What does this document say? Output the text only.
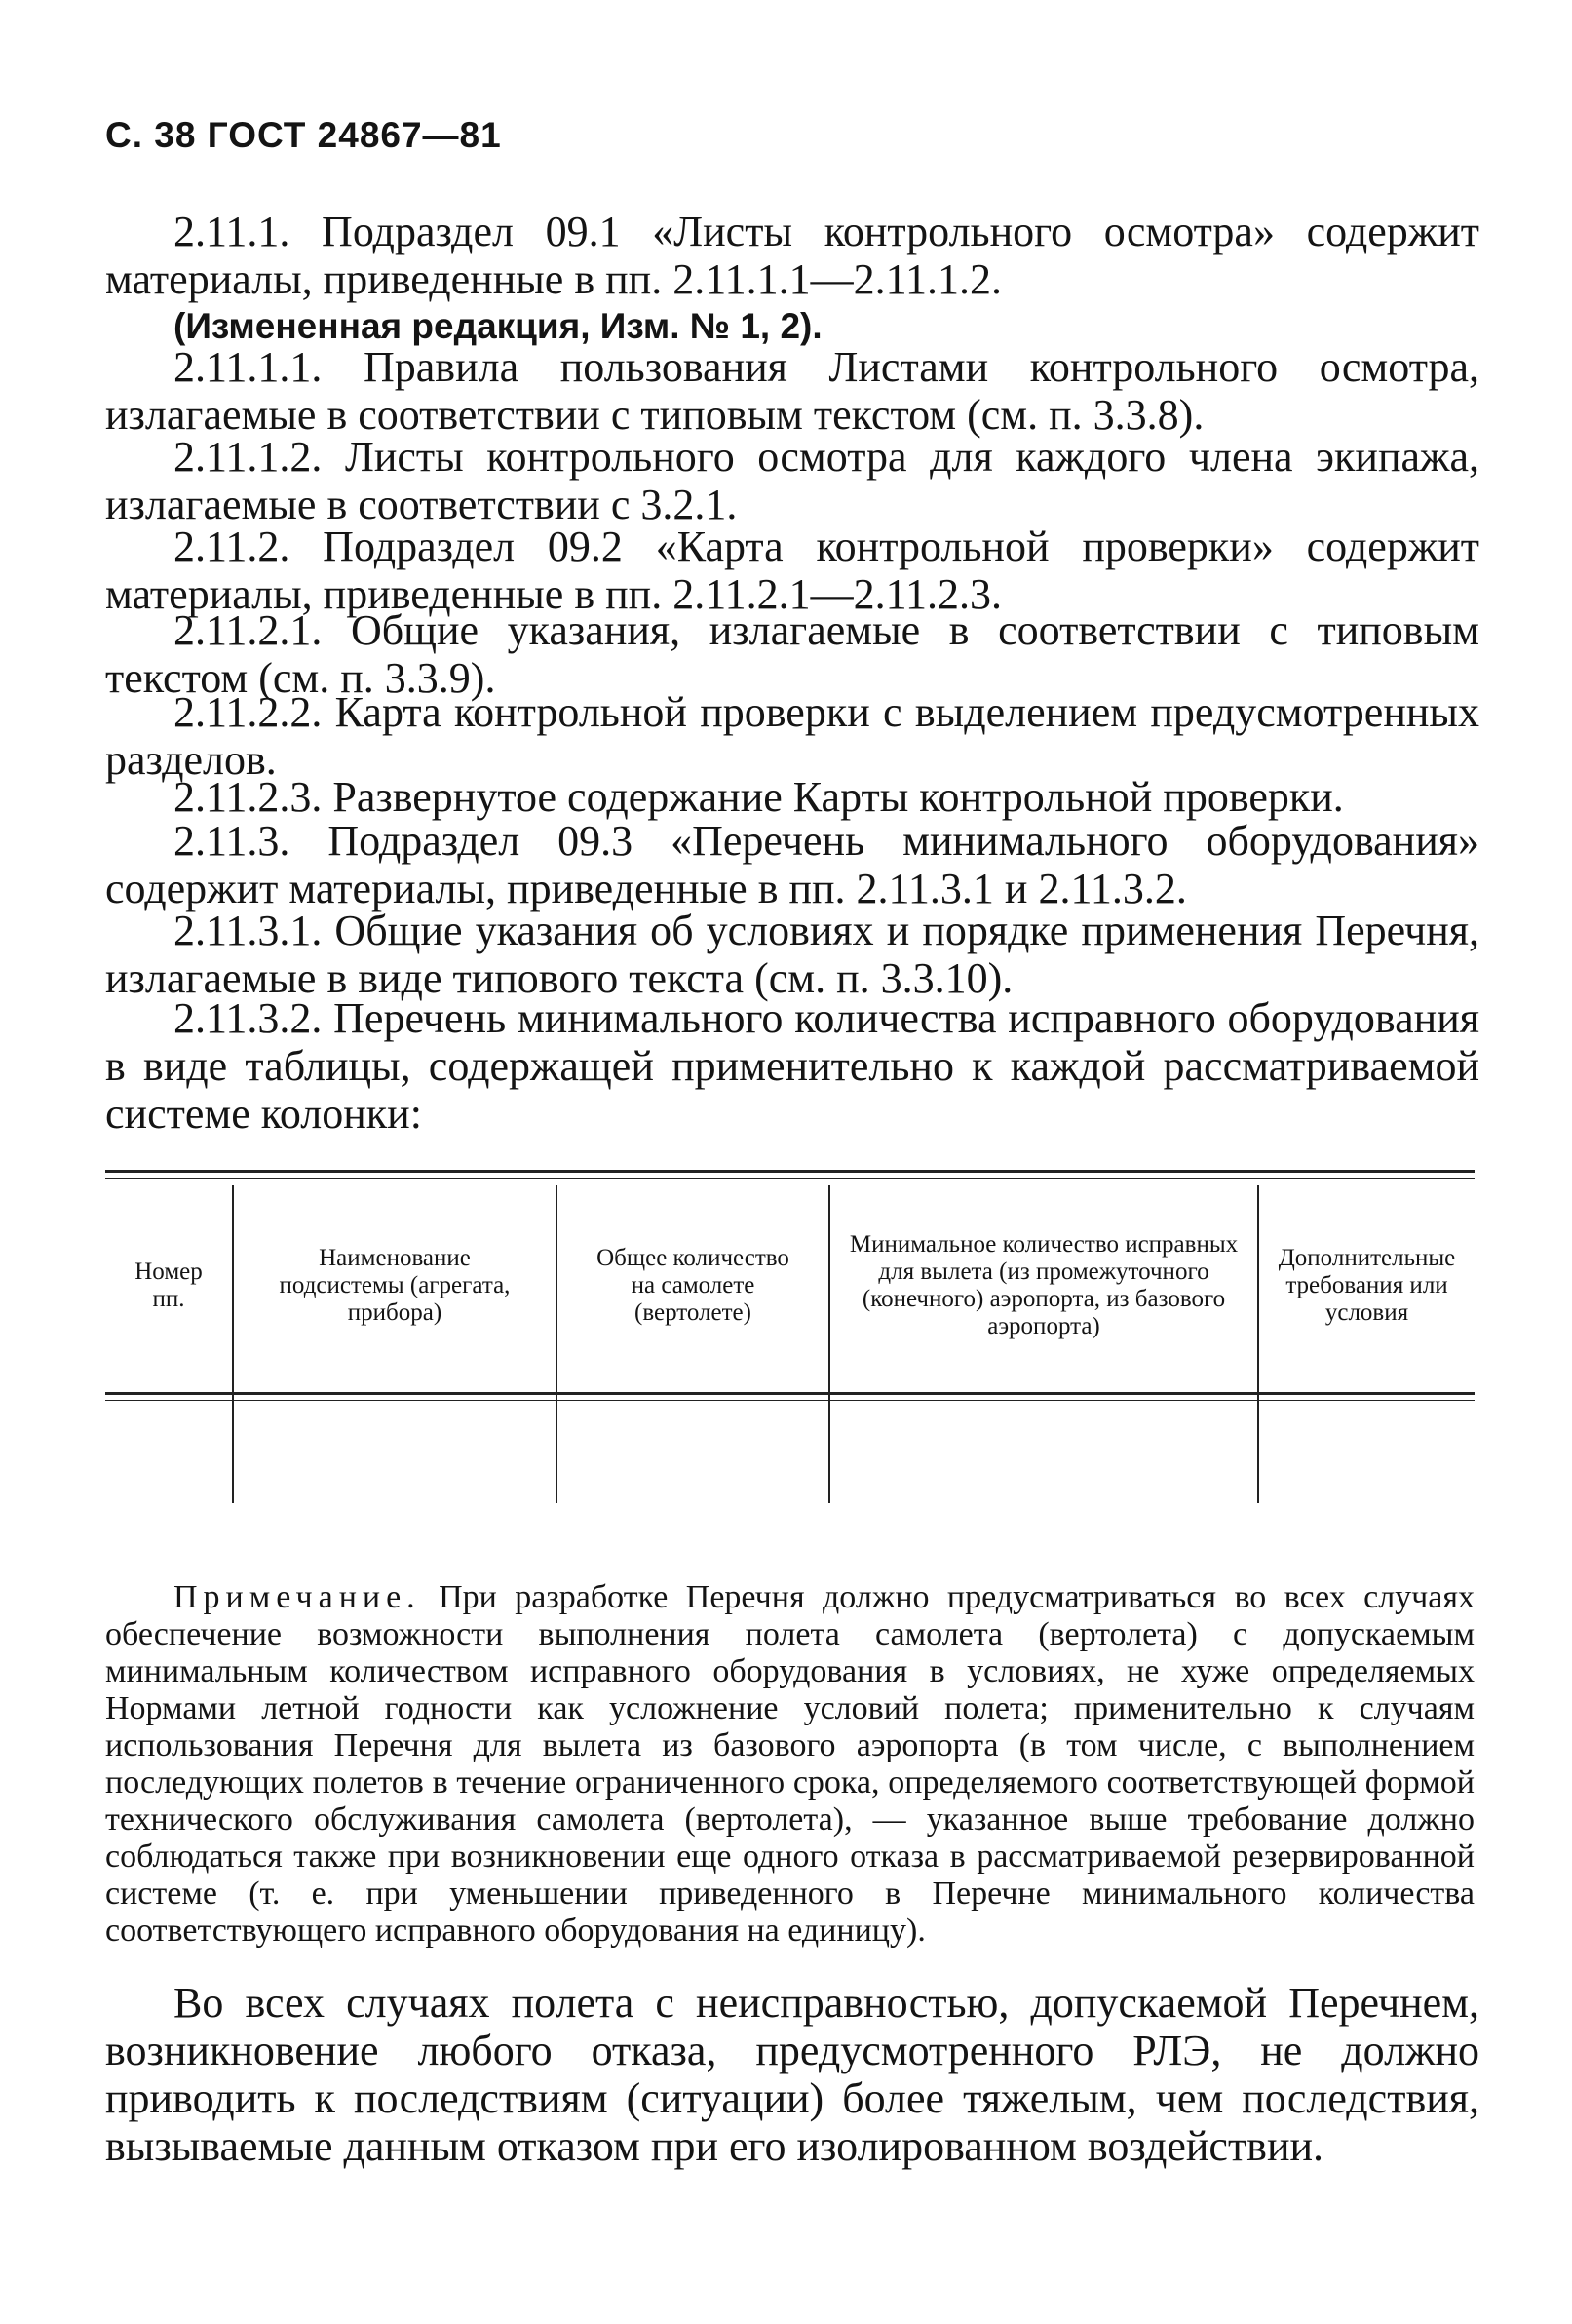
С. 38 ГОСТ 24867—81

2.11.1. Подраздел 09.1 «Листы контрольного осмотра» содержит материалы, приведенные в пп. 2.11.1.1—2.11.1.2.

(Измененная редакция, Изм. № 1, 2).

2.11.1.1. Правила пользования Листами контрольного осмотра, излагаемые в соответствии с типовым текстом (см. п. 3.3.8).

2.11.1.2. Листы контрольного осмотра для каждого члена экипажа, излагаемые в соответствии с 3.2.1.

2.11.2. Подраздел 09.2 «Карта контрольной проверки» содержит материалы, приведенные в пп. 2.11.2.1—2.11.2.3.

2.11.2.1. Общие указания, излагаемые в соответствии с типовым текстом (см. п. 3.3.9).

2.11.2.2. Карта контрольной проверки с выделением предусмотренных разделов.

2.11.2.3. Развернутое содержание Карты контрольной проверки.

2.11.3. Подраздел 09.3 «Перечень минимального оборудования» содержит материалы, приведенные в пп. 2.11.3.1 и 2.11.3.2.

2.11.3.1. Общие указания об условиях и порядке применения Перечня, излагаемые в виде типового текста (см. п. 3.3.10).

2.11.3.2. Перечень минимального количества исправного оборудования в виде таблицы, содержащей применительно к каждой рассматриваемой системе колонки:

Номер пп.
Наименование подсистемы (агрегата, прибора)
Общее количество на самолете (вертолете)
Минимальное количество исправных для вылета (из промежуточного (конечного) аэропорта, из базового аэропорта)
Дополнительные требования или условия

Примечание. При разработке Перечня должно предусматриваться во всех случаях обеспечение возможности выполнения полета самолета (вертолета) с допускаемым минимальным количеством исправного оборудования в условиях, не хуже определяемых Нормами летной годности как усложнение условий полета; применительно к случаям использования Перечня для вылета из базового аэропорта (в том числе, с выполнением последующих полетов в течение ограниченного срока, определяемого соответствующей формой технического обслуживания самолета (вертолета), — указанное выше требование должно соблюдаться также при возникновении еще одного отказа в рассматриваемой резервированной системе (т. е. при уменьшении приведенного в Перечне минимального количества соответствующего исправного оборудования на единицу).

Во всех случаях полета с неисправностью, допускаемой Перечнем, возникновение любого отказа, предусмотренного РЛЭ, не должно приводить к последствиям (ситуации) более тяжелым, чем последствия, вызываемые данным отказом при его изолированном воздействии.
